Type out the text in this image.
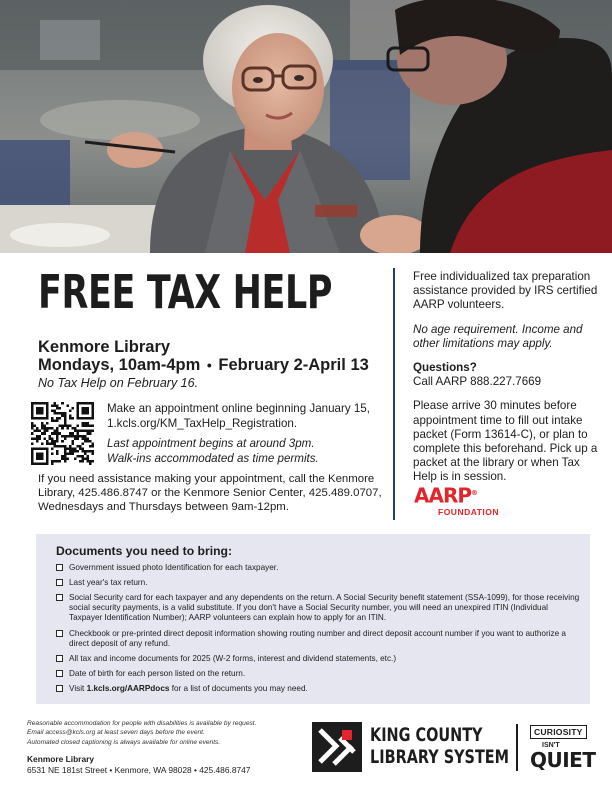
FREE TAX HELP
Kenmore Library
Mondays, 10am-4pm • February 2-April 13
No Tax Help on February 16.
Make an appointment online beginning January 15,
1.kcls.org/KM_TaxHelp_Registration.
Last appointment begins at around 3pm.
Walk-ins accommodated as time permits.
If you need assistance making your appointment, call the Kenmore Library, 425.486.8747 or the Kenmore Senior Center, 425.489.0707, Wednesdays and Thursdays between 9am-12pm.

Free individualized tax preparation assistance provided by IRS certified AARP volunteers.

No age requirement. Income and other limitations may apply.

Questions?

Call AARP 888.227.7669

Please arrive 30 minutes before appointment time to fill out intake packet (Form 13614-C), or plan to complete this beforehand. Pick up a packet at the library or when Tax Help is in session.

AARP®
FOUNDATION
Documents you need to bring:
Government issued photo Identification for each taxpayer.
Last year's tax return.
Social Security card for each taxpayer and any dependents on the return. A Social Security benefit statement (SSA-1099), for those receiving social security payments, is a valid substitute. If you don't have a Social Security number, you will need an unexpired ITIN (Individual Taxpayer Identification Number); AARP volunteers can explain how to apply for an ITIN.
Checkbook or pre-printed direct deposit information showing routing number and direct deposit account number if you want to authorize a direct deposit of any refund.
All tax and income documents for 2025 (W-2 forms, interest and dividend statements, etc.)
Date of birth for each person listed on the return.
Visit 1.kcls.org/AARPdocs for a list of documents you may need.
Reasonable accommodation for people with disabilities is available by request.
Email access@kcls.org at least seven days before the event.
Automated closed captioning is always available for online events.
Kenmore Library
6531 NE 181st Street • Kenmore, WA 98028 • 425.486.8747
KING COUNTY
LIBRARY SYSTEM
CURIOSITY
ISN'T
QUIET
